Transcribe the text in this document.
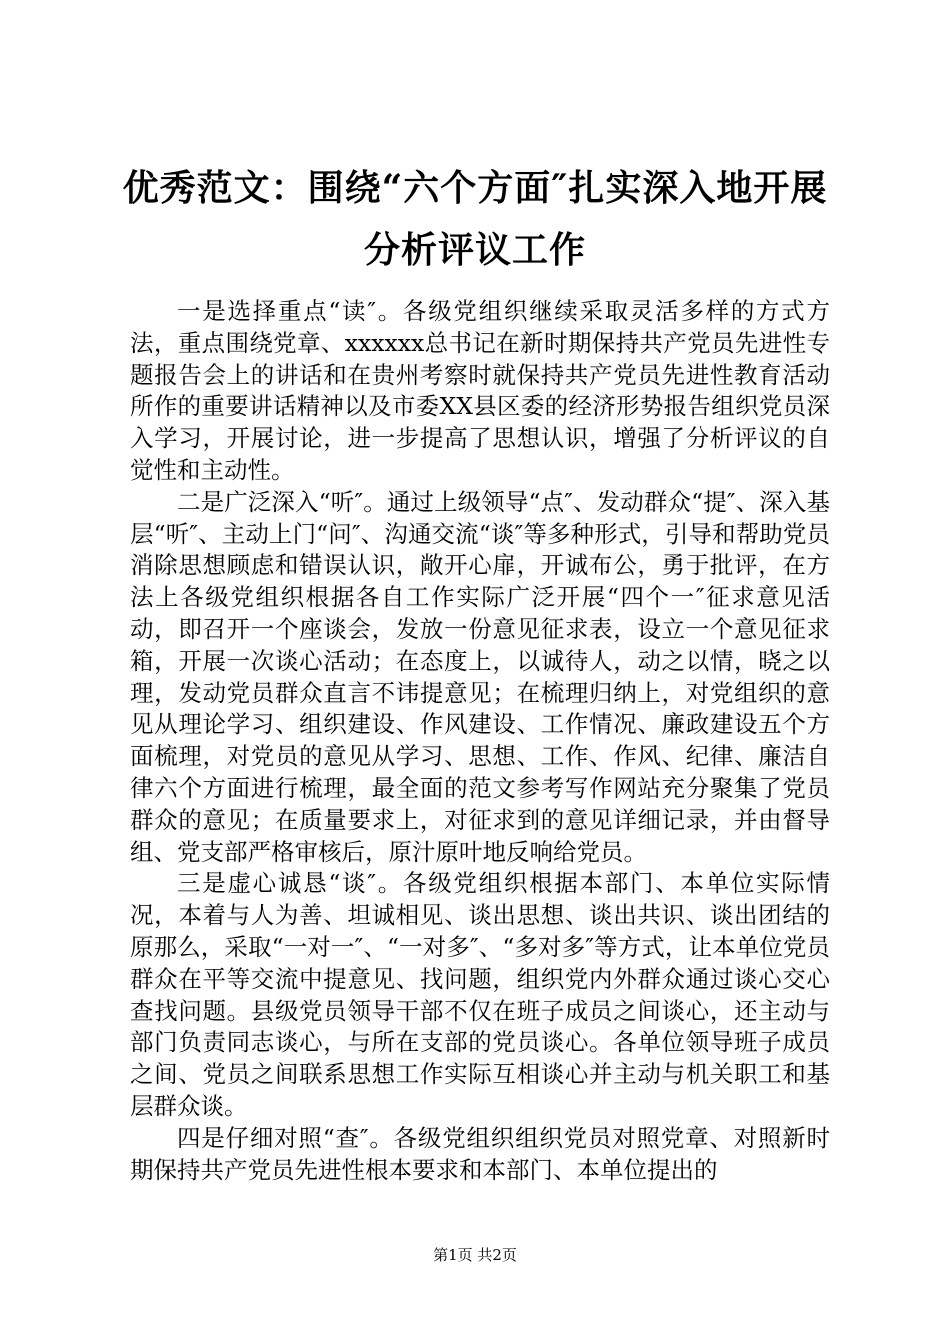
优秀范文：围绕“六个方面″扎实深入地开展
分析评议工作

一是选择重点“读″。各级党组织继续采取灵活多样的方式方法，重点围绕党章、xxxxxx总书记在新时期保持共产党员先进性专题报告会上的讲话和在贵州考察时就保持共产党员先进性教育活动所作的重要讲话精神以及市委XX县区委的经济形势报告组织党员深入学习，开展讨论，进一步提高了思想认识，增强了分析评议的自觉性和主动性。

二是广泛深入“听″。通过上级领导“点″、发动群众“提″、深入基层“听″、主动上门“问″、沟通交流“谈″等多种形式，引导和帮助党员消除思想顾虑和错误认识，敞开心扉，开诚布公，勇于批评，在方法上各级党组织根据各自工作实际广泛开展“四个一″征求意见活动，即召开一个座谈会，发放一份意见征求表，设立一个意见征求箱，开展一次谈心活动；在态度上，以诚待人，动之以情，晓之以理，发动党员群众直言不讳提意见；在梳理归纳上，对党组织的意见从理论学习、组织建设、作风建设、工作情况、廉政建设五个方面梳理，对党员的意见从学习、思想、工作、作风、纪律、廉洁自律六个方面进行梳理，最全面的范文参考写作网站充分聚集了党员群众的意见；在质量要求上，对征求到的意见详细记录，并由督导组、党支部严格审核后，原汁原叶地反响给党员。

三是虚心诚恳“谈″。各级党组织根据本部门、本单位实际情况，本着与人为善、坦诚相见、谈出思想、谈出共识、谈出团结的原那么，采取“一对一″、“一对多″、“多对多″等方式，让本单位党员群众在平等交流中提意见、找问题，组织党内外群众通过谈心交心查找问题。县级党员领导干部不仅在班子成员之间谈心，还主动与部门负责同志谈心，与所在支部的党员谈心。各单位领导班子成员之间、党员之间联系思想工作实际互相谈心并主动与机关职工和基层群众谈。

四是仔细对照“查″。各级党组织组织党员对照党章、对照新时期保持共产党员先进性根本要求和本部门、本单位提出的

第1页 共2页
